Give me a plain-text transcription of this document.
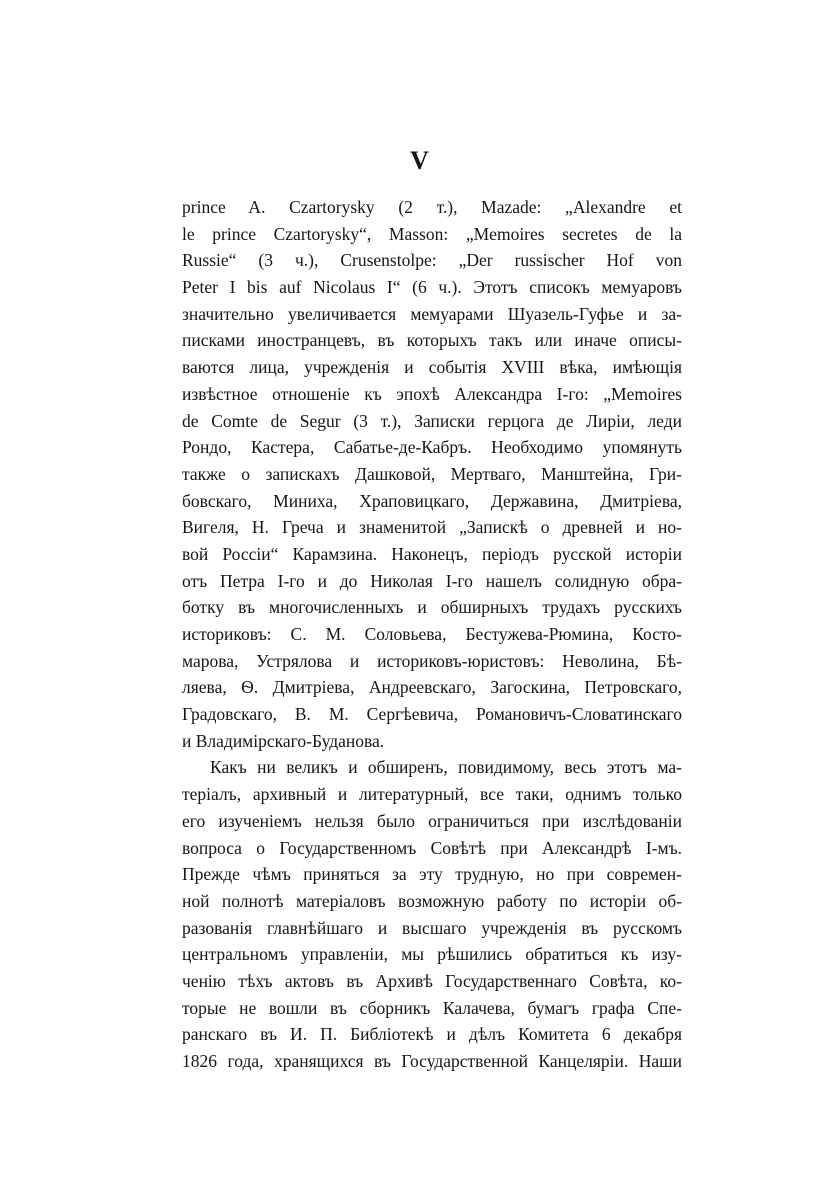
V
prince A. Czartorysky (2 т.), Mazade: „Alexandre et
le prince Czartorysky“, Masson: „Memoires secretes de la
Russie“ (3 ч.), Crusenstolpe: „Der russischer Hof von
Peter I bis auf Nicolaus I“ (6 ч.). Этотъ списокъ мемуаровъ
значительно увеличивается мемуарами Шуазель-Гуфье и за-
писками иностранцевъ, въ которыхъ такъ или иначе описы-
ваются лица, учрежденія и событія XVIII вѣка, имѣющія
извѣстное отношеніе къ эпохѣ Александра I-го: „Memoires
de Comte de Segur (3 т.), Записки герцога де Лиріи, леди
Рондо, Кастера, Сабатье-де-Кабръ. Необходимо упомянуть
также о запискахъ Дашковой, Мертваго, Манштейна, Гри-
бовскаго, Миниха, Храповицкаго, Державина, Дмитріева,
Вигеля, Н. Греча и знаменитой „Запискѣ о древней и но-
вой Россіи“ Карамзина. Наконецъ, періодъ русской исторіи
отъ Петра I-го и до Николая I-го нашелъ солидную обра-
ботку въ многочисленныхъ и обширныхъ трудахъ русскихъ
историковъ: С. М. Соловьева, Бестужева-Рюмина, Косто-
марова, Устрялова и историковъ-юристовъ: Неволина, Бѣ-
ляева, Ѳ. Дмитріева, Андреевскаго, Загоскина, Петровскаго,
Градовскаго, В. М. Сергѣевича, Романовичъ-Словатинскаго
и Владимірскаго-Буданова.
Какъ ни великъ и обширенъ, повидимому, весь этотъ ма-
теріалъ, архивный и литературный, все таки, однимъ только
его изученіемъ нельзя было ограничиться при изслѣдованіи
вопроса о Государственномъ Совѣтѣ при Александрѣ I-мъ.
Прежде чѣмъ приняться за эту трудную, но при современ-
ной полнотѣ матеріаловъ возможную работу по исторіи об-
разованія главнѣйшаго и высшаго учрежденія въ русскомъ
центральномъ управленіи, мы рѣшились обратиться къ изу-
ченію тѣхъ актовъ въ Архивѣ Государственнаго Совѣта, ко-
торые не вошли въ сборникъ Калачева, бумагъ графа Спе-
ранскаго въ И. П. Библіотекѣ и дѣлъ Комитета 6 декабря
1826 года, хранящихся въ Государственной Канцеляріи. Наши
